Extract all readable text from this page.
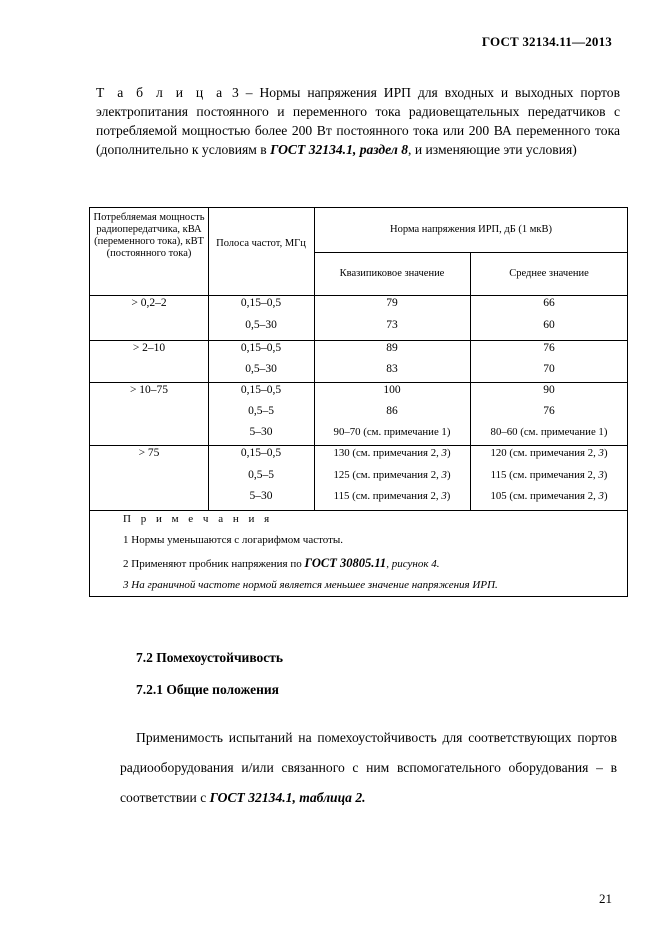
ГОСТ 32134.11—2013
Т а б л и ц а 3 – Нормы напряжения ИРП для входных и выходных портов электропитания постоянного и переменного тока радиовещательных передатчиков с потребляемой мощностью более 200 Вт постоянного тока или 200 ВА переменного тока (дополнительно к условиям в ГОСТ 32134.1, раздел 8, и изменяющие эти условия)
Потребляемая мощность радиопередатчика, кВА (переменного тока), кВТ (постоянного тока)
Полоса частот, МГц
Норма напряжения ИРП, дБ (1 мкВ)
Квазипиковое значение	Среднее значение
> 0,2–2	0,15–0,5	79	66
0,5–30	73	60
> 2–10	0,15–0,5	89	76
0,5–30	83	70
> 10–75	0,15–0,5	100	90
0,5–5	86	76
5–30	90–70 (см. примечание 1)	80–60 (см. примечание 1)
> 75	0,15–0,5	130 (см. примечания 2, 3)	120 (см. примечания 2, 3)
0,5–5	125 (см. примечания 2, 3)	115 (см. примечания 2, 3)
5–30	115 (см. примечания 2, 3)	105 (см. примечания 2, 3)
П р и м е ч а н и я
1 Нормы уменьшаются с логарифмом частоты.
2 Применяют пробник напряжения по ГОСТ 30805.11, рисунок 4.
3 На граничной частоте нормой является меньшее значение напряжения ИРП.
7.2 Помехоустойчивость
7.2.1 Общие положения
Применимость испытаний на помехоустойчивость для соответствующих портов радиооборудования и/или связанного с ним вспомогательного оборудования – в соответствии с ГОСТ 32134.1, таблица 2.
21
